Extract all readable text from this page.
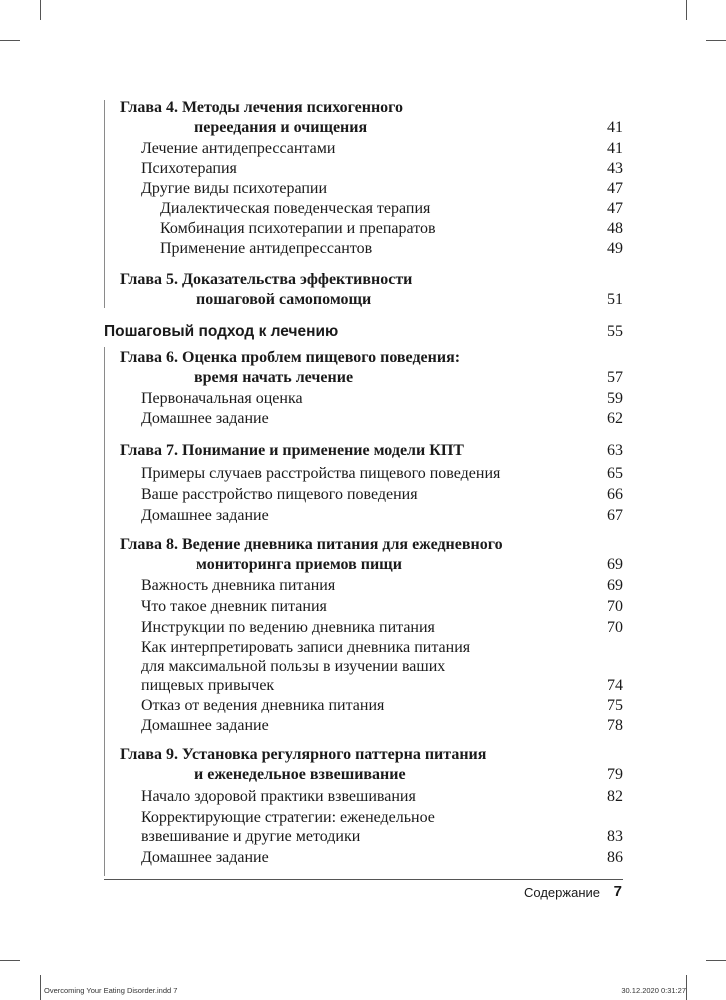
Глава 4. Методы лечения психогенного
переедания и очищения	41
Лечение антидепрессантами	41
Психотерапия	43
Другие виды психотерапии	47
Диалектическая поведенческая терапия	47
Комбинация психотерапии и препаратов	48
Применение антидепрессантов	49
Глава 5. Доказательства эффективности
пошаговой самопомощи	51
Пошаговый подход к лечению	55
Глава 6. Оценка проблем пищевого поведения:
время начать лечение	57
Первоначальная оценка	59
Домашнее задание	62
Глава 7. Понимание и применение модели КПТ	63
Примеры случаев расстройства пищевого поведения	65
Ваше расстройство пищевого поведения	66
Домашнее задание	67
Глава 8. Ведение дневника питания для ежедневного
мониторинга приемов пищи	69
Важность дневника питания	69
Что такое дневник питания	70
Инструкции по ведению дневника питания	70
Как интерпретировать записи дневника питания
для максимальной пользы в изучении ваших
пищевых привычек	74
Отказ от ведения дневника питания	75
Домашнее задание	78
Глава 9. Установка регулярного паттерна питания
и еженедельное взвешивание	79
Начало здоровой практики взвешивания	82
Корректирующие стратегии: еженедельное
взвешивание и другие методики	83
Домашнее задание	86
Содержание 7
Overcoming Your Eating Disorder.indd 7	30.12.2020 0:31:27
